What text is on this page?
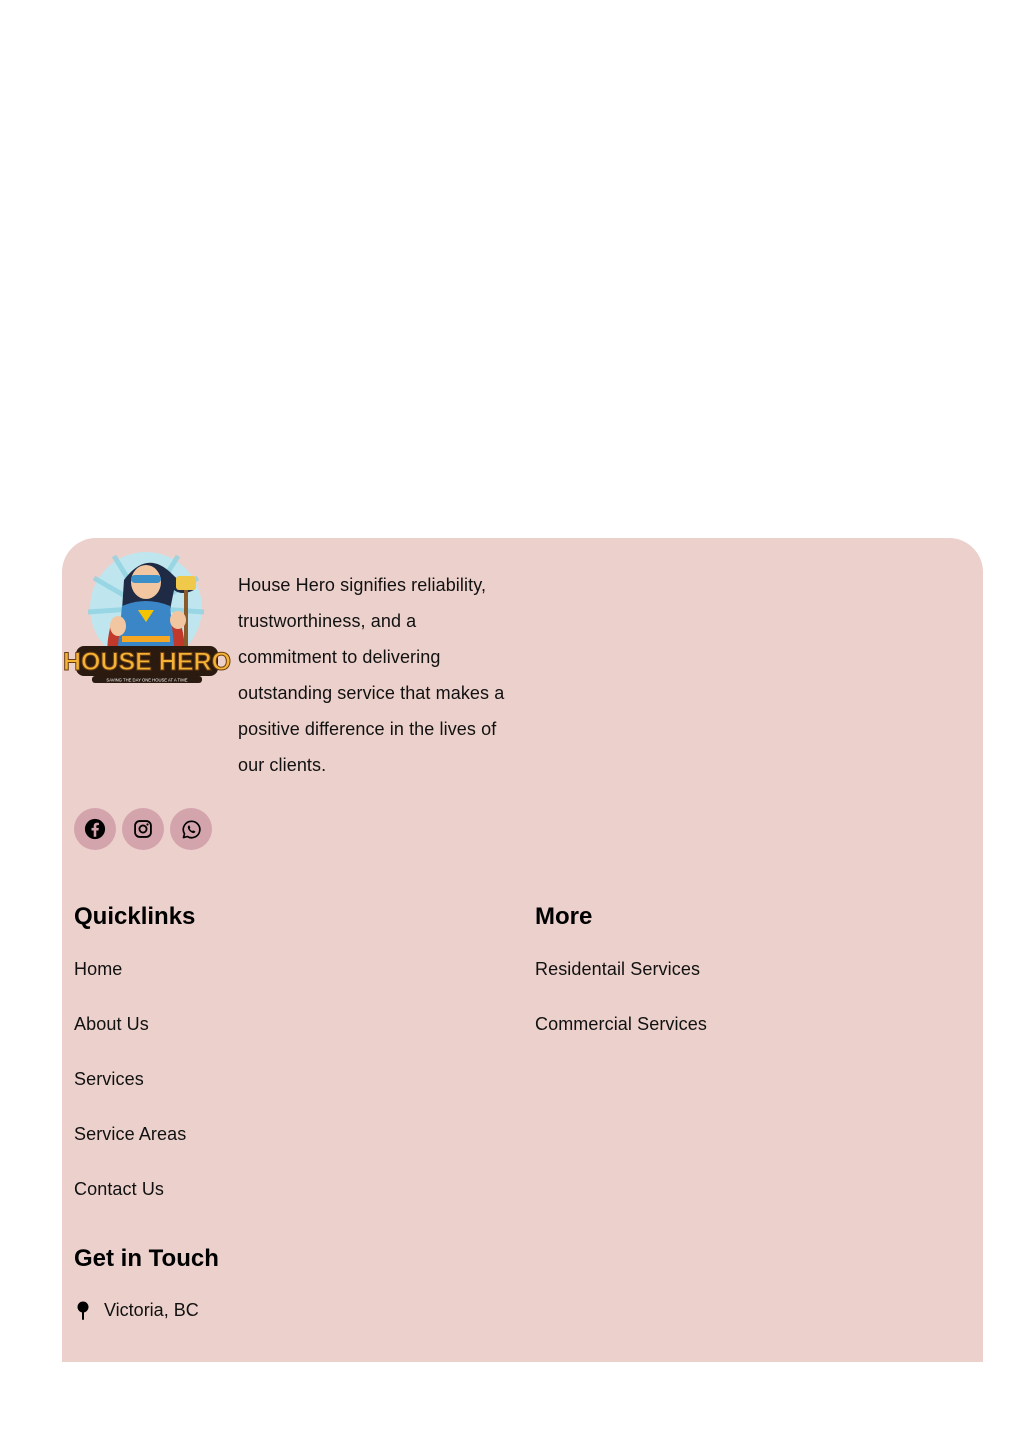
HOUSE HERO
SAVING THE DAY ONE HOUSE AT A TIME

House Hero signifies reliability, trustworthiness, and a commitment to delivering outstanding service that makes a positive difference in the lives of our clients.

Quicklinks
Home
About Us
Services
Service Areas
Contact Us
More
Residentail Services
Commercial Services
Get in Touch
Victoria, BC
